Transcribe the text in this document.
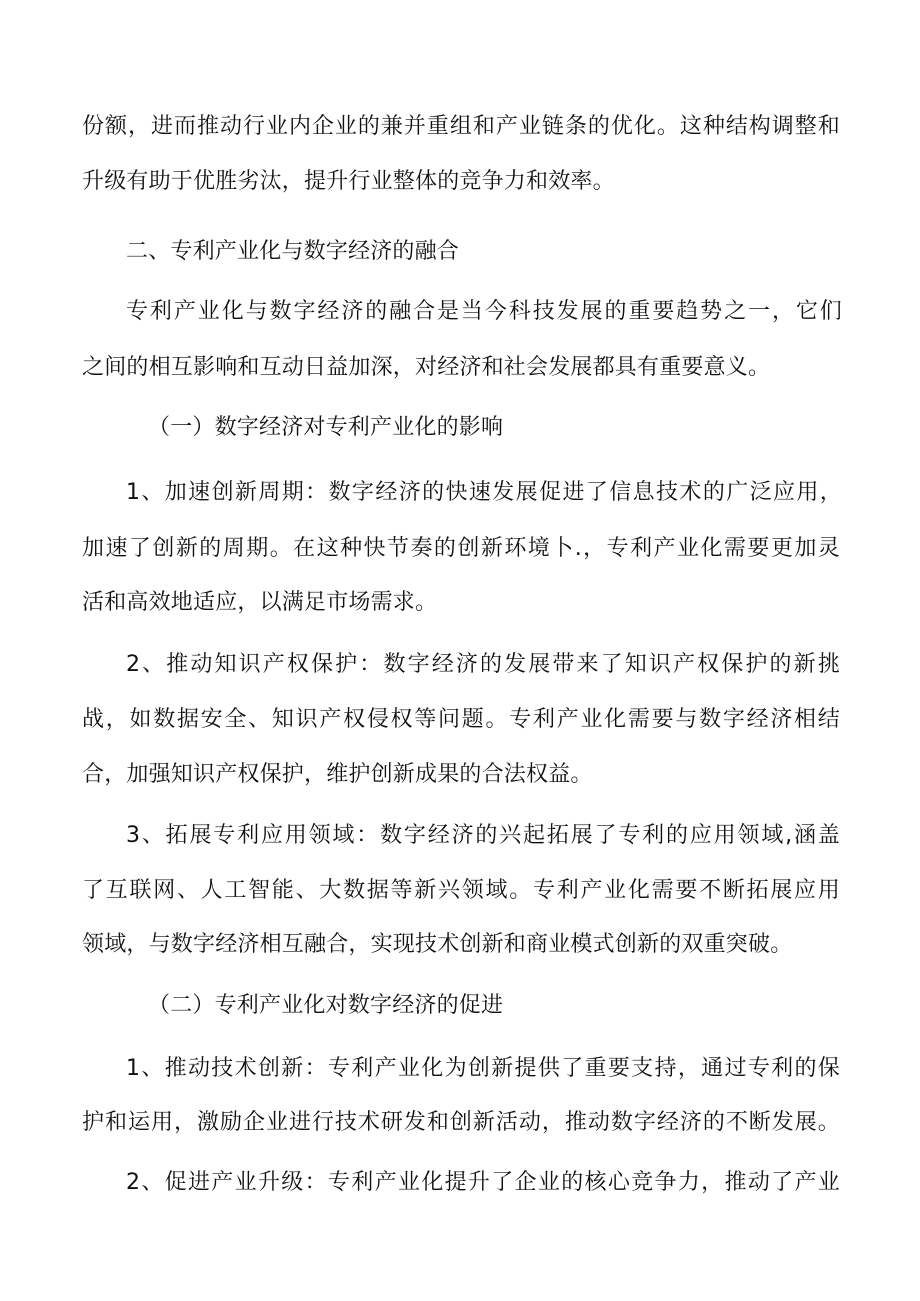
份额，进而推动行业内企业的兼并重组和产业链条的优化。这种结构调整和
升级有助于优胜劣汰，提升行业整体的竞争力和效率。
二、专利产业化与数字经济的融合
专利产业化与数字经济的融合是当今科技发展的重要趋势之一，它们
之间的相互影响和互动日益加深，对经济和社会发展都具有重要意义。
（一）数字经济对专利产业化的影响
1、加速创新周期：数字经济的快速发展促进了信息技术的广泛应用，
加速了创新的周期。在这种快节奏的创新环境卜.，专利产业化需要更加灵
活和高效地适应，以满足市场需求。
2、推动知识产权保护：数字经济的发展带来了知识产权保护的新挑
战，如数据安全、知识产权侵权等问题。专利产业化需要与数字经济相结
合，加强知识产权保护，维护创新成果的合法权益。
3、拓展专利应用领域：数字经济的兴起拓展了专利的应用领域,涵盖
了互联网、人工智能、大数据等新兴领域。专利产业化需要不断拓展应用
领域，与数字经济相互融合，实现技术创新和商业模式创新的双重突破。
（二）专利产业化对数字经济的促进
1、推动技术创新：专利产业化为创新提供了重要支持，通过专利的保
护和运用，激励企业进行技术研发和创新活动，推动数字经济的不断发展。
2、促进产业升级：专利产业化提升了企业的核心竞争力，推动了产业
